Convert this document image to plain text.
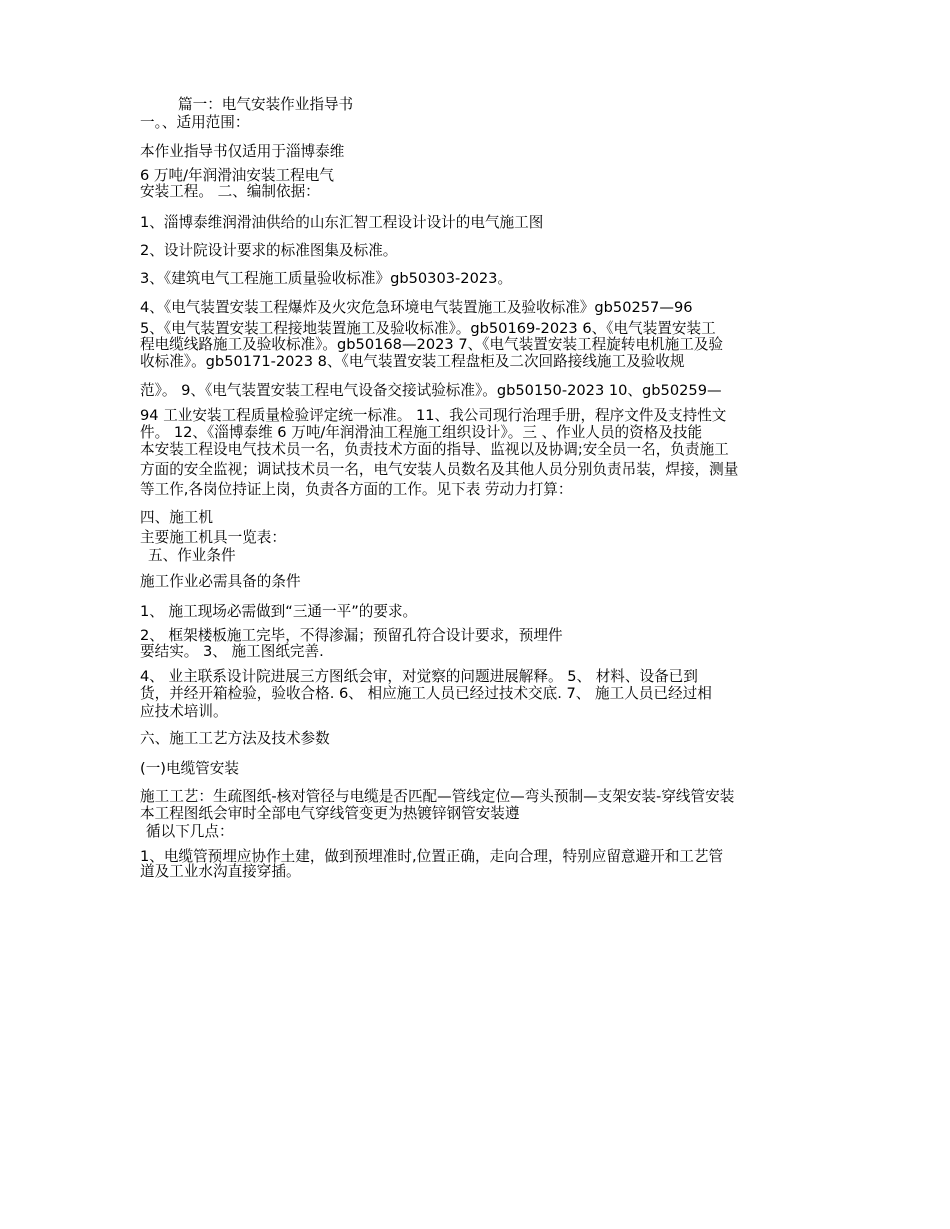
篇一：电气安装作业指导书
一。、适用范围：
本作业指导书仅适用于淄博泰维
6 万吨/年润滑油安装工程电气
安装工程。 二、编制依据：
1、淄博泰维润滑油供给的山东汇智工程设计设计的电气施工图
2、设计院设计要求的标准图集及标准。
3、《建筑电气工程施工质量验收标准》gb50303-2023。
4、《电气装置安装工程爆炸及火灾危急环境电气装置施工及验收标准》gb50257—96
5、《电气装置安装工程接地装置施工及验收标准》。gb50169-2023 6、《电气装置安装工
程电缆线路施工及验收标准》。gb50168—2023 7、《电气装置安装工程旋转电机施工及验
收标准》。gb50171-2023 8、《电气装置安装工程盘柜及二次回路接线施工及验收规
范》。 9、《电气装置安装工程电气设备交接试验标准》。gb50150-2023 10、gb50259—
94 工业安装工程质量检验评定统一标准。 11、我公司现行治理手册，程序文件及支持性文
件。 12、《淄博泰维 6 万吨/年润滑油工程施工组织设计》。三 、作业人员的资格及技能
本安装工程设电气技术员一名，负责技术方面的指导、监视以及协调;安全员一名，负责施工
方面的安全监视；调试技术员一名，电气安装人员数名及其他人员分别负责吊装，焊接，测量
等工作,各岗位持证上岗，负责各方面的工作。见下表 劳动力打算：
四、施工机
主要施工机具一览表：
五、作业条件
施工作业必需具备的条件
1、 施工现场必需做到“三通一平”的要求。
2、 框架楼板施工完毕，不得渗漏；预留孔符合设计要求，预埋件
要结实。 3、 施工图纸完善.
4、 业主联系设计院进展三方图纸会审，对觉察的问题进展解释。 5、 材料、设备已到
货，并经开箱检验，验收合格. 6、 相应施工人员已经过技术交底. 7、 施工人员已经过相
应技术培训。
六、施工工艺方法及技术参数
(一)电缆管安装
施工工艺：生疏图纸-核对管径与电缆是否匹配—管线定位—弯头预制—支架安装-穿线管安装
本工程图纸会审时全部电气穿线管变更为热镀锌钢管安装遵
循以下几点：
1、电缆管预埋应协作土建，做到预埋准时,位置正确，走向合理，特别应留意避开和工艺管
道及工业水沟直接穿插。
